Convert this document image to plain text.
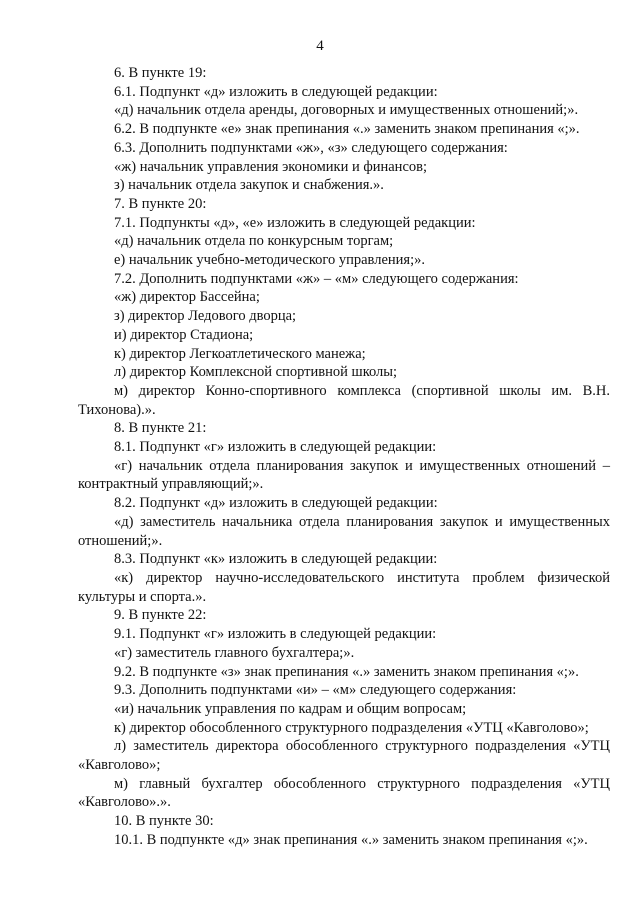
4

6. В пункте 19:

6.1. Подпункт «д» изложить в следующей редакции:

«д) начальник отдела аренды, договорных и имущественных отношений;».

6.2. В подпункте «е» знак препинания «.» заменить знаком препинания «;».

6.3. Дополнить подпунктами «ж», «з» следующего содержания:

«ж) начальник управления экономики и финансов;

з) начальник отдела закупок и снабжения.».

7. В пункте 20:

7.1. Подпункты «д», «е» изложить в следующей редакции:

«д) начальник отдела по конкурсным торгам;

е) начальник учебно-методического управления;».

7.2. Дополнить подпунктами «ж» – «м» следующего содержания:

«ж) директор Бассейна;

з) директор Ледового дворца;

и) директор Стадиона;

к) директор Легкоатлетического манежа;

л) директор Комплексной спортивной школы;

м) директор Конно-спортивного комплекса (спортивной школы им. В.Н. Тихонова).».

8. В пункте 21:

8.1. Подпункт «г» изложить в следующей редакции:

«г) начальник отдела планирования закупок и имущественных отношений – контрактный управляющий;».

8.2. Подпункт «д» изложить в следующей редакции:

«д) заместитель начальника отдела планирования закупок и имущественных отношений;».

8.3. Подпункт «к» изложить в следующей редакции:

«к) директор научно-исследовательского института проблем физической культуры и спорта.».

9. В пункте 22:

9.1. Подпункт «г» изложить в следующей редакции:

«г) заместитель главного бухгалтера;».

9.2. В подпункте «з» знак препинания «.» заменить знаком препинания «;».

9.3. Дополнить подпунктами «и» – «м» следующего содержания:

«и) начальник управления по кадрам и общим вопросам;

к) директор обособленного структурного подразделения «УТЦ «Кавголово»;

л) заместитель директора обособленного структурного подразделения «УТЦ «Кавголово»;

м) главный бухгалтер обособленного структурного подразделения «УТЦ «Кавголово».».

10. В пункте 30:

10.1. В подпункте «д» знак препинания «.» заменить знаком препинания «;».
